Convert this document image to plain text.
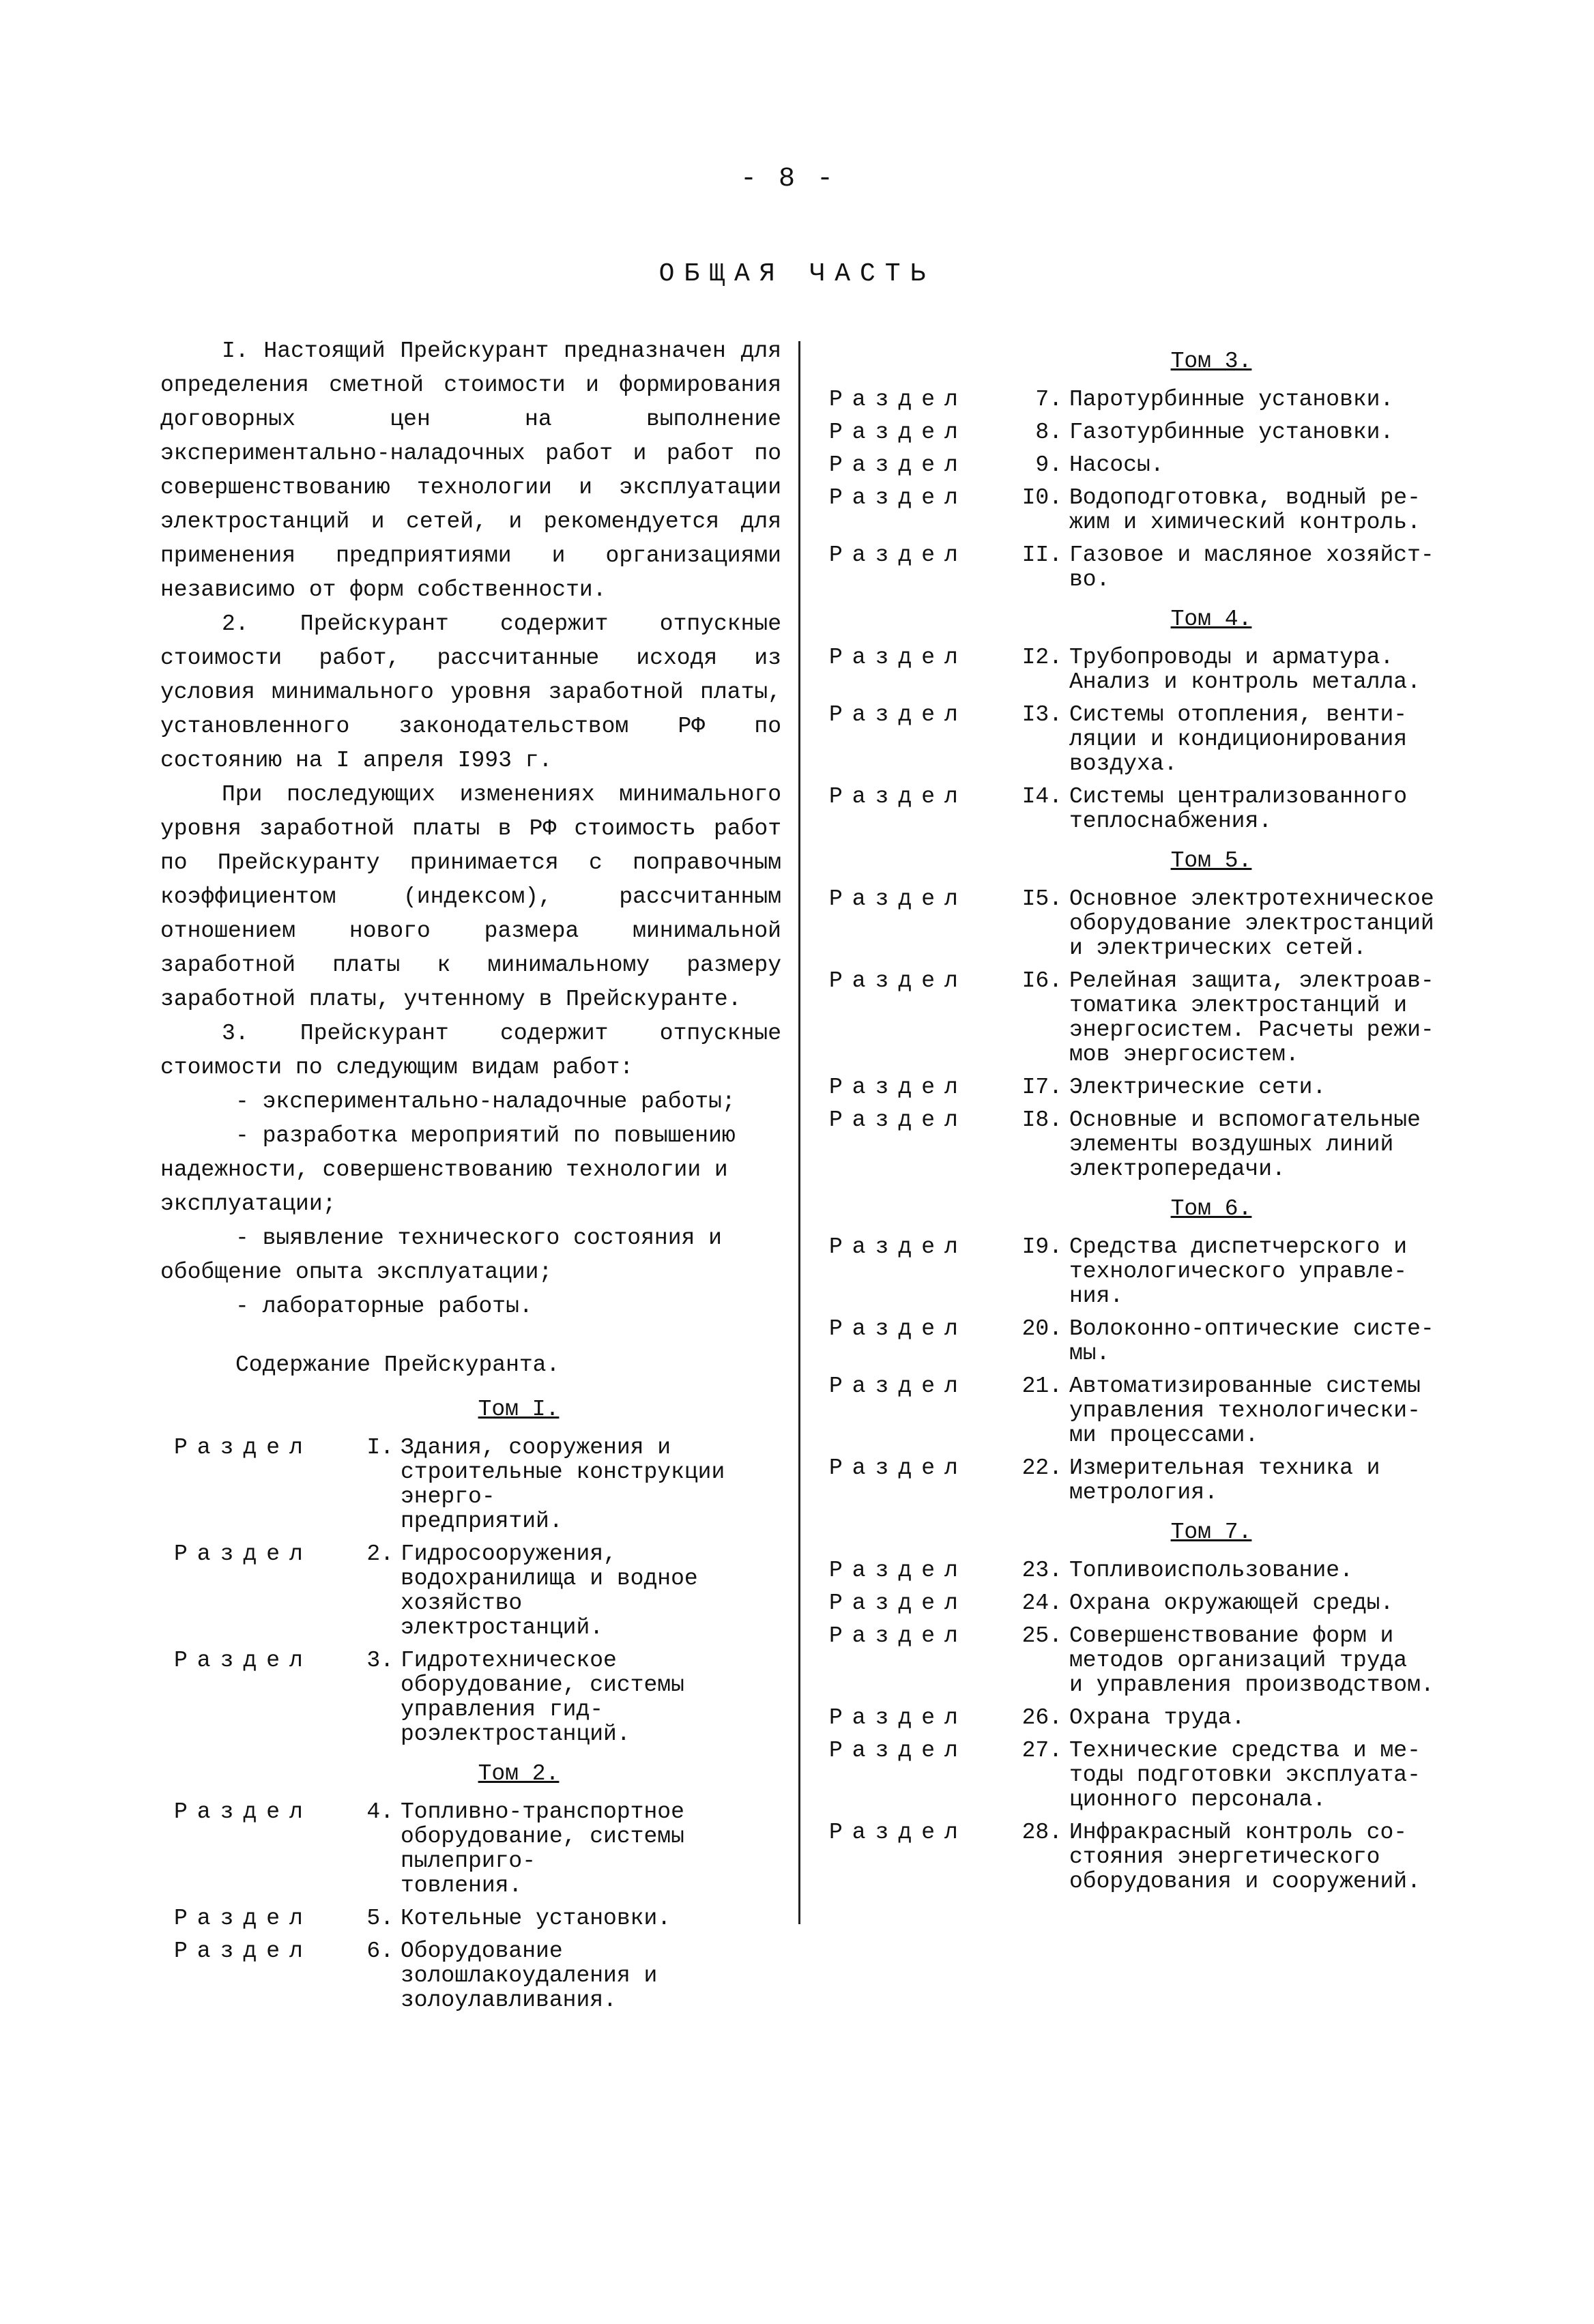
- 8 -
ОБЩАЯ ЧАСТЬ

I. Настоящий Прейскурант предназначен для определения сметной стоимости и формирования договорных цен на выполнение экспериментально-наладочных работ и работ по совершенствованию технологии и эксплуатации электростанций и сетей, и рекомендуется для применения предприятиями и организациями независимо от форм собственности.

2. Прейскурант содержит отпускные стоимости работ, рассчитанные исходя из условия минимального уровня заработной платы, установленного законодательством РФ по состоянию на I апреля I993 г.

При последующих изменениях минимального уровня заработной платы в РФ стоимость работ по Прейскуранту принимается с поправочным коэффициентом (индексом), рассчитанным отношением нового размера минимальной заработной платы к минимальному размеру заработной платы, учтенному в Прейскуранте.

3. Прейскурант содержит отпускные стоимости по следующим видам работ:

- экспериментально-наладочные работы;

- разработка мероприятий по повышению надежности, совершенствованию технологии и эксплуатации;

- выявление технического состояния и обобщение опыта эксплуатации;

- лабораторные работы.

Содержание Прейскуранта.

Том I.
Раздел	I. Здания, сооружения и строительные конструкции энерго-
предприятий.
Раздел	2. Гидросооружения, водохранилища и водное хозяйство
электростанций.
Раздел	3. Гидротехническое оборудование, системы управления гид-
роэлектростанций.
Том 2.
Раздел	4. Топливно-транспортное оборудование, системы пылеприго-
товления.
Раздел	5. Котельные установки.
Раздел	6. Оборудование золошлакоудаления и золоулавливания.
Том 3.
Раздел	7. Паротурбинные установки.
Раздел	8. Газотурбинные установки.
Раздел	9. Насосы.
Раздел	I0. Водоподготовка, водный ре-
жим и химический контроль.
Раздел	II. Газовое и масляное хозяйст-
во.
Том 4.
Раздел	I2. Трубопроводы и арматура.
Анализ и контроль металла.
Раздел	I3. Системы отопления, венти-
ляции и кондиционирования
воздуха.
Раздел	I4. Системы централизованного
теплоснабжения.
Том 5.
Раздел	I5. Основное электротехническое
оборудование электростанций
и электрических сетей.
Раздел	I6. Релейная защита, электроав-
томатика электростанций и
энергосистем. Расчеты режи-
мов энергосистем.
Раздел	I7. Электрические сети.
Раздел	I8. Основные и вспомогательные
элементы воздушных линий
электропередачи.
Том 6.
Раздел	I9. Средства диспетчерского и
технологического управле-
ния.
Раздел	20. Волоконно-оптические систе-
мы.
Раздел	21. Автоматизированные системы
управления технологически-
ми процессами.
Раздел	22. Измерительная техника и
метрология.
Том 7.
Раздел	23. Топливоиспользование.
Раздел	24. Охрана окружающей среды.
Раздел	25. Совершенствование форм и
методов организаций труда
и управления производством.
Раздел	26. Охрана труда.
Раздел	27. Технические средства и ме-
тоды подготовки эксплуата-
ционного персонала.
Раздел	28. Инфракрасный контроль со-
стояния энергетического
оборудования и сооружений.
